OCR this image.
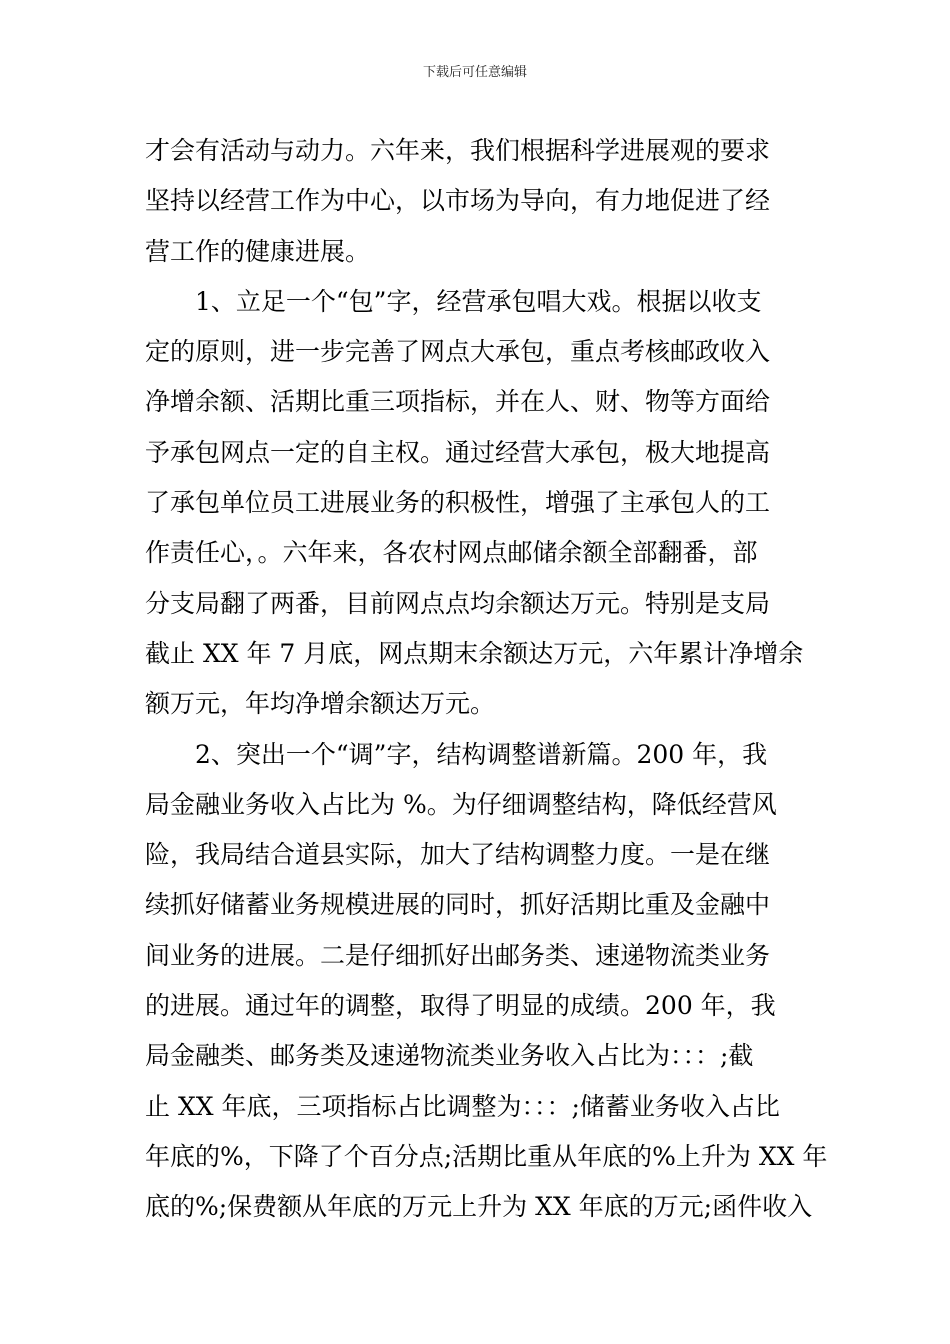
下载后可任意编辑
才会有活动与动力。六年来，我们根据科学进展观的要求
坚持以经营工作为中心，以市场为导向，有力地促进了经
营工作的健康进展。
1、立足一个“包”字，经营承包唱大戏。根据以收支
定的原则，进一步完善了网点大承包，重点考核邮政收入
净增余额、活期比重三项指标，并在人、财、物等方面给
予承包网点一定的自主权。通过经营大承包，极大地提高
了承包单位员工进展业务的积极性，增强了主承包人的工
作责任心，。六年来，各农村网点邮储余额全部翻番，部
分支局翻了两番，目前网点点均余额达万元。特别是支局
截止 XX 年 7 月底，网点期末余额达万元，六年累计净增余
额万元，年均净增余额达万元。
2、突出一个“调”字，结构调整谱新篇。200 年，我
局金融业务收入占比为 %。为仔细调整结构，降低经营风
险，我局结合道县实际，加大了结构调整力度。一是在继
续抓好储蓄业务规模进展的同时，抓好活期比重及金融中
间业务的进展。二是仔细抓好出邮务类、速递物流类业务
的进展。通过年的调整，取得了明显的成绩。200 年，我
局金融类、邮务类及速递物流类业务收入占比为：：：;截
止 XX 年底，三项指标占比调整为：：：;储蓄业务收入占比
年底的%，下降了个百分点;活期比重从年底的%上升为 XX 年
底的%;保费额从年底的万元上升为 XX 年底的万元;函件收入
